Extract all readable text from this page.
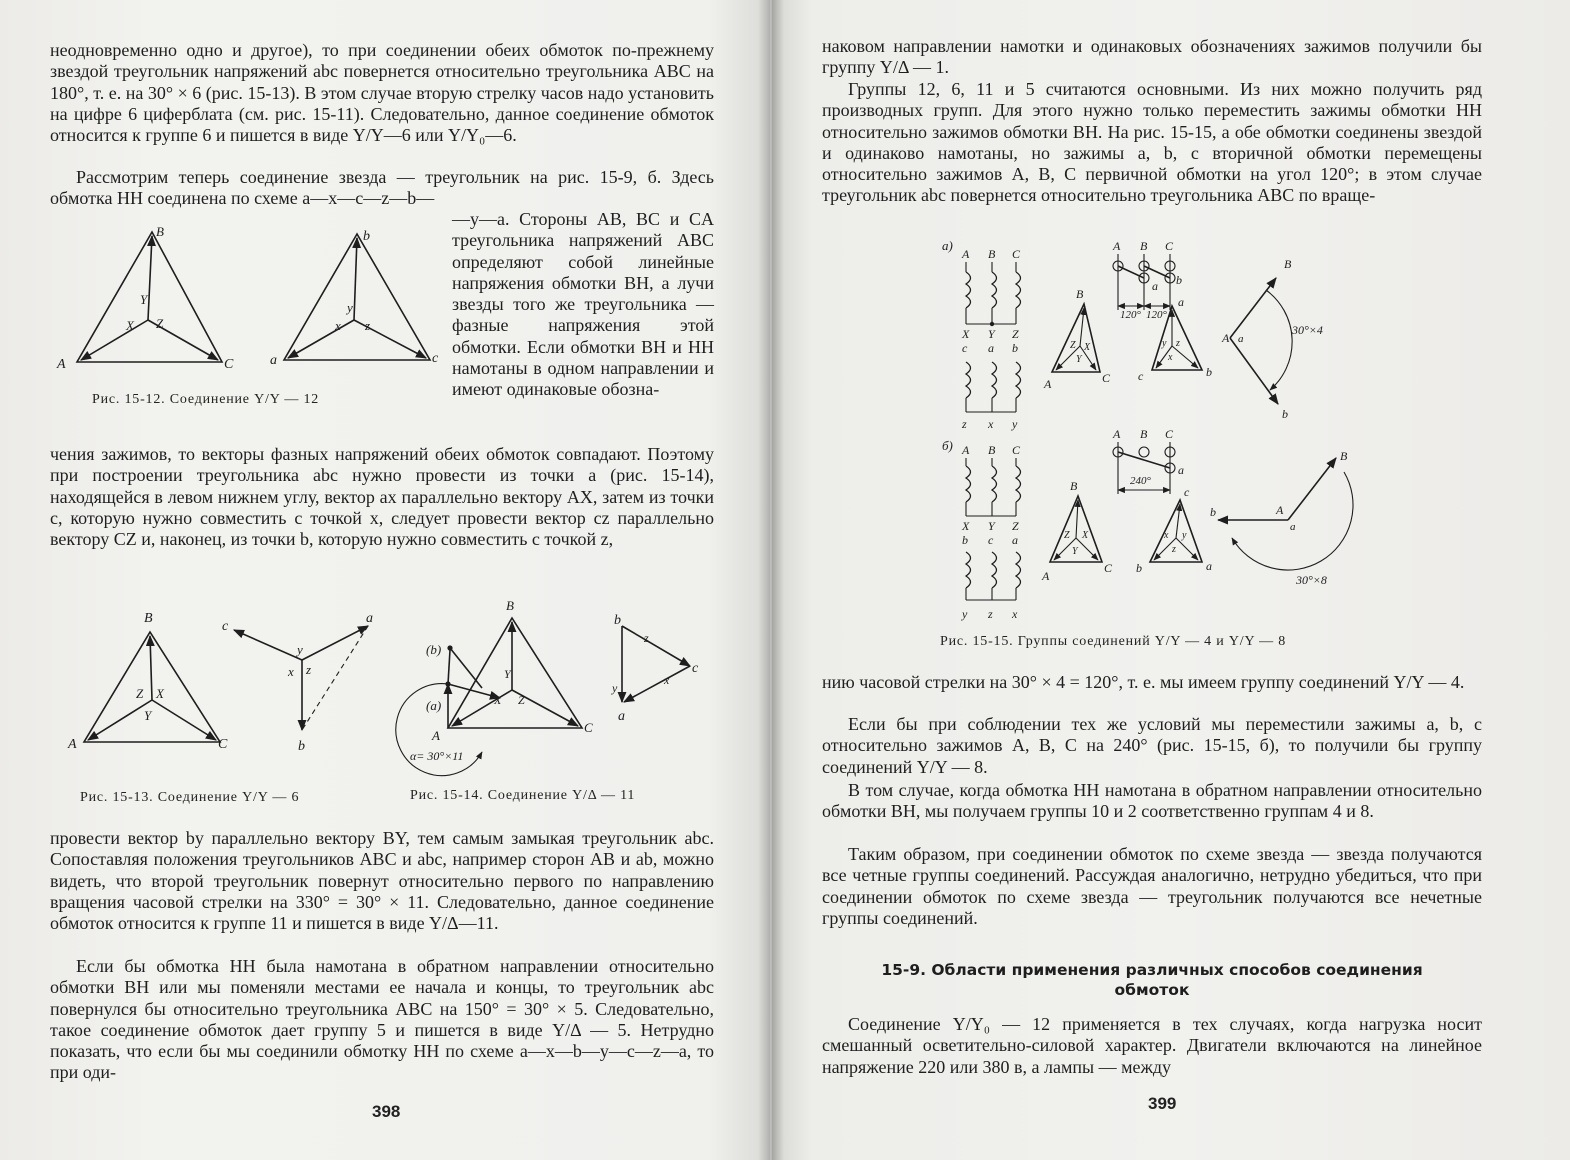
неодновременно одно и другое), то при соединении обеих обмоток по-прежнему звездой треугольник напряжений abc повернется относительно треугольника ABC на 180°, т. е. на 30° × 6 (рис. 15-13). В этом случае вторую стрелку часов надо установить на цифре 6 циферблата (см. рис. 15-11). Следовательно, данное соединение обмоток относится к группе 6 и пишется в виде Y/Y—6 или Y/Y₀—6.

Рассмотрим теперь соединение звезда — треугольник на рис. 15-9, б. Здесь обмотка НН соединена по схеме a—x—c—z—b—

—y—a. Стороны AB, BC и CA треугольника напряжений ABC определяют собой линейные напряжения обмотки ВН, а лучи звезды того же треугольника —фазные напряжения этой обмотки. Если обмотки ВН и НН намотаны в одном направлении и имеют одинаковые обозна-

B
A	C
Y
X Z
b
a	c
y
x z
Рис. 15-12. Соединение Y/Y — 12

чения зажимов, то векторы фазных напряжений обеих обмоток совпадают. Поэтому при построении треугольника abc нужно провести из точки a (рис. 15-14), находящейся в левом нижнем углу, вектор ax параллельно вектору AX, затем из точки c, которую нужно совместить с точкой x, следует провести вектор cz параллельно вектору CZ и, наконец, из точки b, которую нужно совместить с точкой z,

B
A	C
Z X
Y
c
a
b
y
x z
B
A
C
Y
X Z
(b)
(a)
α= 30°×11
b
c
a
z
x
y
Рис. 15-13. Соединение Y/Y — 6	Рис. 15-14. Соединение Y/Δ — 11

провести вектор by параллельно вектору BY, тем самым замыкая треугольник abc. Сопоставляя положения треугольников ABC и abc, например сторон AB и ab, можно видеть, что второй треугольник повернут относительно первого по направлению вращения часовой стрелки на 330° = 30° × 11. Следовательно, данное соединение обмоток относится к группе 11 и пишется в виде Y/Δ—11.

Если бы обмотка НН была намотана в обратном направлении относительно обмотки ВН или мы поменяли местами ее начала и концы, то треугольник abc повернулся бы относительно треугольника ABC на 150° = 30° × 5. Следовательно, такое соединение обмоток дает группу 5 и пишется в виде Y/Δ — 5. Нетрудно показать, что если бы мы соединили обмотку НН по схеме a—x—b—y—c—z—a, то при оди-

398

наковом направлении намотки и одинаковых обозначениях зажимов получили бы группу Y/Δ — 1.

Группы 12, 6, 11 и 5 считаются основными. Из них можно получить ряд производных групп. Для этого нужно только переместить зажимы обмотки НН относительно зажимов обмотки ВН. На рис. 15-15, а обе обмотки соединены звездой и одинаково намотаны, но зажимы a, b, c вторичной обмотки перемещены относительно зажимов A, B, C первичной обмотки на угол 120°; в этом случае треугольник abc повернется относительно треугольника ABC по враще-

а)
A B C
X Y Z
c a b
z x y
A B C
b
a
120° 120°
B
A	C
Z X
Y
a
c	b
y z
x
A a
B
b
30°×4
б) A B C
X Y Z
b c a
y z x
A B C
a
240°
B
A
C
Z X
Y
c
b	a
x y
z
A
a
B
b
30°×8
Рис. 15-15. Группы соединений Y/Y — 4 и Y/Y — 8

нию часовой стрелки на 30° × 4 = 120°, т. е. мы имеем группу соединений Y/Y — 4.

Если бы при соблюдении тех же условий мы переместили зажимы a, b, c относительно зажимов A, B, C на 240° (рис. 15-15, б), то получили бы группу соединений Y/Y — 8.

В том случае, когда обмотка НН намотана в обратном направлении относительно обмотки ВН, мы получаем группы 10 и 2 соответственно группам 4 и 8.

Таким образом, при соединении обмоток по схеме звезда — звезда получаются все четные группы соединений. Рассуждая аналогично, нетрудно убедиться, что при соединении обмоток по схеме звезда — треугольник получаются все нечетные группы соединений.

15-9. Области применения различных способов соединения обмоток

Соединение Y/Y₀ — 12 применяется в тех случаях, когда нагрузка носит смешанный осветительно-силовой характер. Двигатели включаются на линейное напряжение 220 или 380 в, а лампы — между

399
